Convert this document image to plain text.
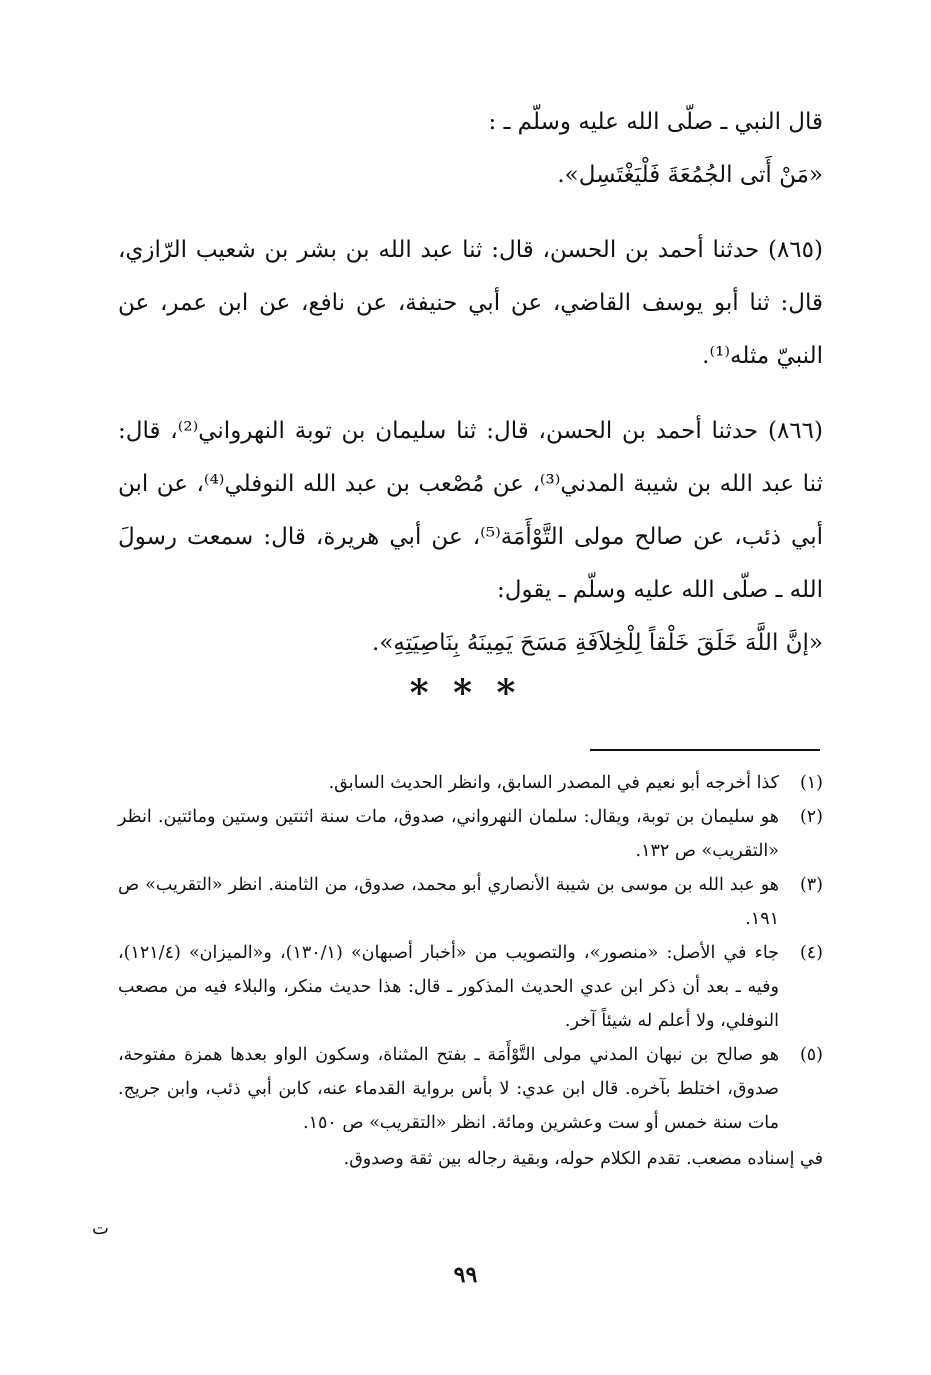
قال النبي ـ صلّى الله عليه وسلّم ـ :

«مَنْ أَتى الجُمُعَةَ فَلْيَغْتَسِل».

(٨٦٥) حدثنا أحمد بن الحسن، قال: ثنا عبد الله بن بشر بن شعيب الرّازي، قال: ثنا أبو يوسف القاضي، عن أبي حنيفة، عن نافع، عن ابن عمر، عن النبيّ مثله⁽¹⁾.

(٨٦٦) حدثنا أحمد بن الحسن، قال: ثنا سليمان بن توبة النهرواني⁽²⁾، قال: ثنا عبد الله بن شيبة المدني⁽³⁾، عن مُصْعب بن عبد الله النوفلي⁽⁴⁾، عن ابن أبي ذئب، عن صالح مولى التَّوْأَمَة⁽⁵⁾، عن أبي هريرة، قال: سمعت رسولَ الله ـ صلّى الله عليه وسلّم ـ يقول:

«إنَّ اللَّهَ خَلَقَ خَلْقاً لِلْخِلاَفَةِ مَسَحَ يَمِينَهُ بِنَاصِيَتِهِ».

* * *
(١)
كذا أخرجه أبو نعيم في المصدر السابق، وانظر الحديث السابق.
(٢)
هو سليمان بن توبة، ويقال: سلمان النهرواني، صدوق، مات سنة اثنتين وستين ومائتين. انظر «التقريب» ص ١٣٢.
(٣)
هو عبد الله بن موسى بن شيبة الأنصاري أبو محمد، صدوق، من الثامنة. انظر «التقريب» ص ١٩١.
(٤)
جاء في الأصل: «منصور»، والتصويب من «أخبار أصبهان» (١٣٠/١)، و«الميزان» (١٢١/٤)، وفيه ـ بعد أن ذكر ابن عدي الحديث المذكور ـ قال: هذا حديث منكر، والبلاء فيه من مصعب النوفلي، ولا أعلم له شيئاً آخر.
(٥)
هو صالح بن نبهان المدني مولى التَّوْأَمَة ـ بفتح المثناة، وسكون الواو بعدها همزة مفتوحة، صدوق، اختلط بآخره. قال ابن عدي: لا بأس برواية القدماء عنه، كابن أبي ذئب، وابن جريج. مات سنة خمس أو ست وعشرين ومائة. انظر «التقريب» ص ١٥٠.
في إسناده مصعب. تقدم الكلام حوله، وبقية رجاله بين ثقة وصدوق.
ت
٩٩
